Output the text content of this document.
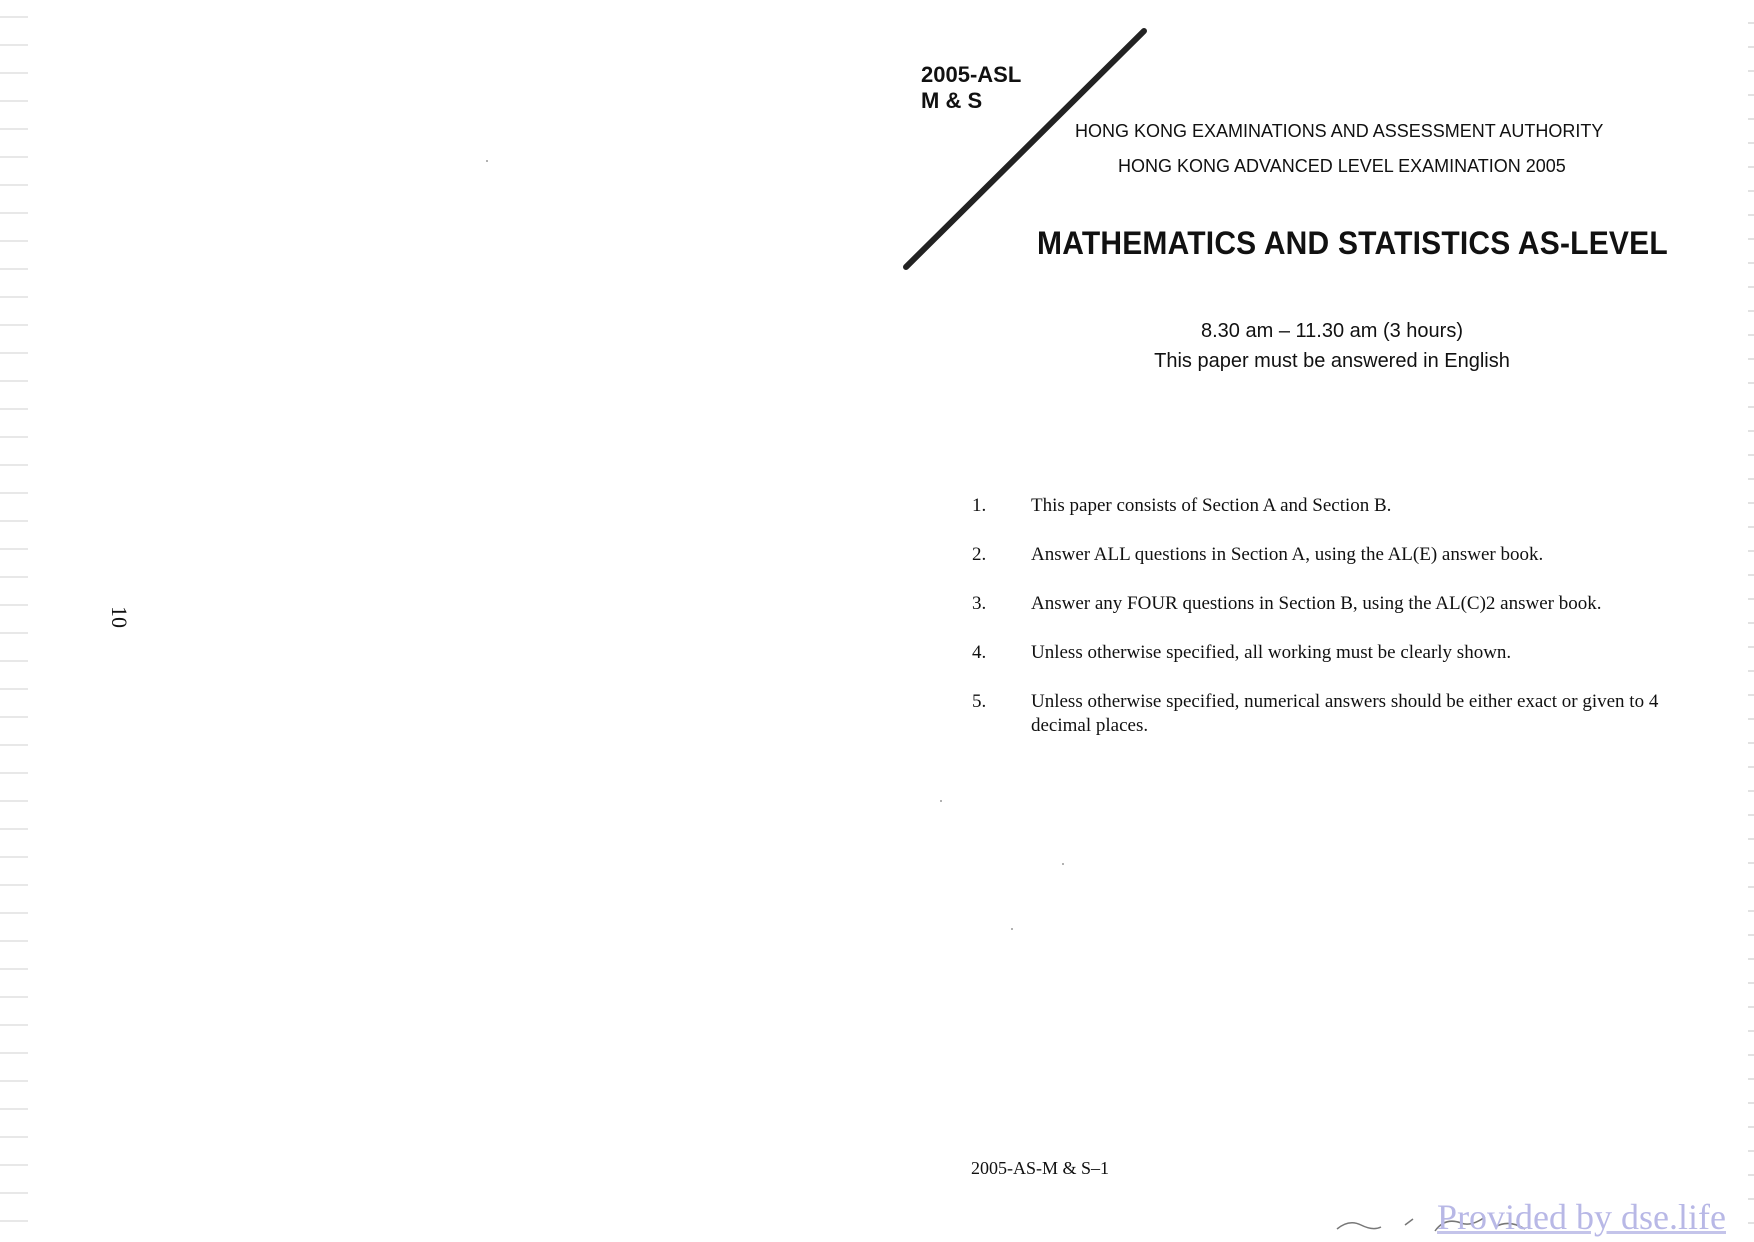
10
2005-ASL
M & S
HONG KONG EXAMINATIONS AND ASSESSMENT AUTHORITY
HONG KONG ADVANCED LEVEL EXAMINATION 2005
MATHEMATICS AND STATISTICS AS-LEVEL
8.30 am – 11.30 am (3 hours)
This paper must be answered in English
1.	This paper consists of Section A and Section B.
2.	Answer ALL questions in Section A, using the AL(E) answer book.
3.	Answer any FOUR questions in Section B, using the AL(C)2 answer book.
4.	Unless otherwise specified, all working must be clearly shown.
5.	Unless otherwise specified, numerical answers should be either exact or given to 4 decimal places.
2005-AS-M & S–1
Provided by dse.life
